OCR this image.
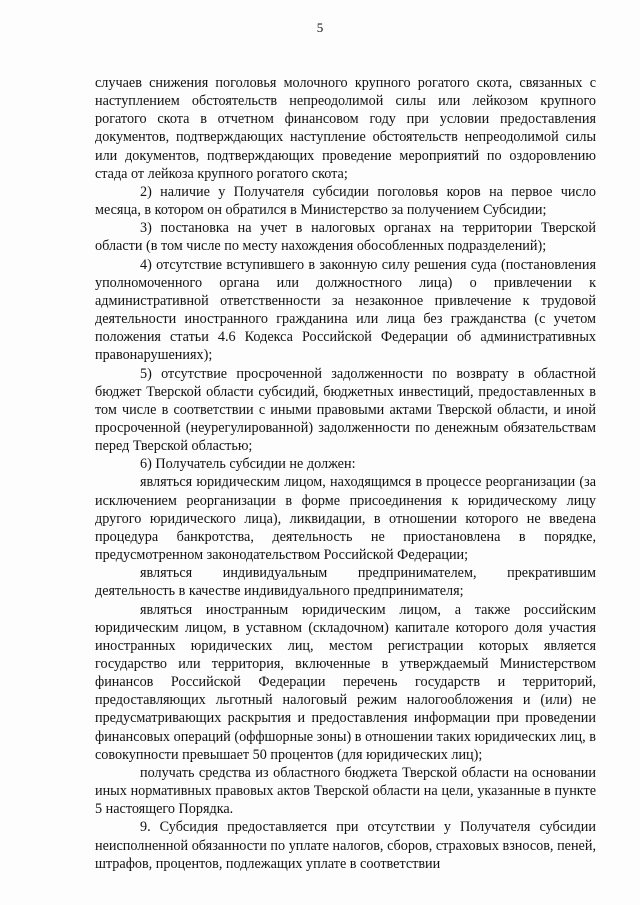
5

случаев снижения поголовья молочного крупного рогатого скота, связанных с наступлением обстоятельств непреодолимой силы или лейкозом крупного рогатого скота в отчетном финансовом году при условии предоставления документов, подтверждающих наступление обстоятельств непреодолимой силы или документов, подтверждающих проведение мероприятий по оздоровлению стада от лейкоза крупного рогатого скота;

2) наличие у Получателя субсидии поголовья коров на первое число месяца, в котором он обратился в Министерство за получением Субсидии;

3) постановка на учет в налоговых органах на территории Тверской области (в том числе по месту нахождения обособленных подразделений);

4) отсутствие вступившего в законную силу решения суда (постановления уполномоченного органа или должностного лица) о привлечении к административной ответственности за незаконное привлечение к трудовой деятельности иностранного гражданина или лица без гражданства (с учетом положения статьи 4.6 Кодекса Российской Федерации об административных правонарушениях);

5) отсутствие просроченной задолженности по возврату в областной бюджет Тверской области субсидий, бюджетных инвестиций, предоставленных в том числе в соответствии с иными правовыми актами Тверской области, и иной просроченной (неурегулированной) задолженности по денежным обязательствам перед Тверской областью;

6) Получатель субсидии не должен:

являться юридическим лицом, находящимся в процессе реорганизации (за исключением реорганизации в форме присоединения к юридическому лицу другого юридического лица), ликвидации, в отношении которого не введена процедура банкротства, деятельность не приостановлена в порядке, предусмотренном законодательством Российской Федерации;

являться индивидуальным предпринимателем, прекратившим деятельность в качестве индивидуального предпринимателя;

являться иностранным юридическим лицом, а также российским юридическим лицом, в уставном (складочном) капитале которого доля участия иностранных юридических лиц, местом регистрации которых является государство или территория, включенные в утверждаемый Министерством финансов Российской Федерации перечень государств и территорий, предоставляющих льготный налоговый режим налогообложения и (или) не предусматривающих раскрытия и предоставления информации при проведении финансовых операций (оффшорные зоны) в отношении таких юридических лиц, в совокупности превышает 50 процентов (для юридических лиц);

получать средства из областного бюджета Тверской области на основании иных нормативных правовых актов Тверской области на цели, указанные в пункте 5 настоящего Порядка.

9. Субсидия предоставляется при отсутствии у Получателя субсидии неисполненной обязанности по уплате налогов, сборов, страховых взносов, пеней, штрафов, процентов, подлежащих уплате в соответствии
